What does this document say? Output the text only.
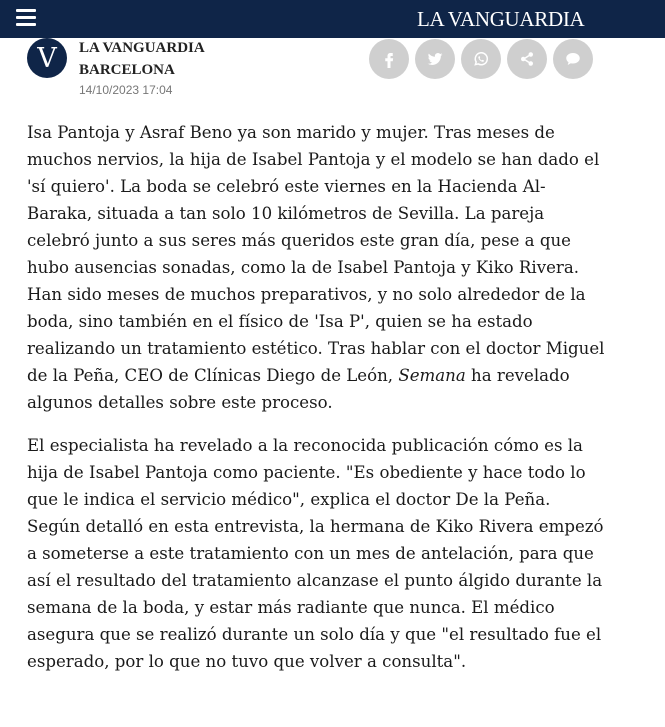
LA VANGUARDIA
V LA VANGUARDIA
BARCELONA
14/10/2023 17:04

Isa Pantoja y Asraf Beno ya son marido y mujer. Tras meses de muchos nervios, la hija de Isabel Pantoja y el modelo se han dado el 'sí quiero'. La boda se celebró este viernes en la Hacienda Al-Baraka, situada a tan solo 10 kilómetros de Sevilla. La pareja celebró junto a sus seres más queridos este gran día, pese a que hubo ausencias sonadas, como la de Isabel Pantoja y Kiko Rivera. Han sido meses de muchos preparativos, y no solo alrededor de la boda, sino también en el físico de 'Isa P', quien se ha estado realizando un tratamiento estético. Tras hablar con el doctor Miguel de la Peña, CEO de Clínicas Diego de León, Semana ha revelado algunos detalles sobre este proceso.

El especialista ha revelado a la reconocida publicación cómo es la hija de Isabel Pantoja como paciente. "Es obediente y hace todo lo que le indica el servicio médico", explica el doctor De la Peña. Según detalló en esta entrevista, la hermana de Kiko Rivera empezó a someterse a este tratamiento con un mes de antelación, para que así el resultado del tratamiento alcanzase el punto álgido durante la semana de la boda, y estar más radiante que nunca. El médico asegura que se realizó durante un solo día y que "el resultado fue el esperado, por lo que no tuvo que volver a consulta".
